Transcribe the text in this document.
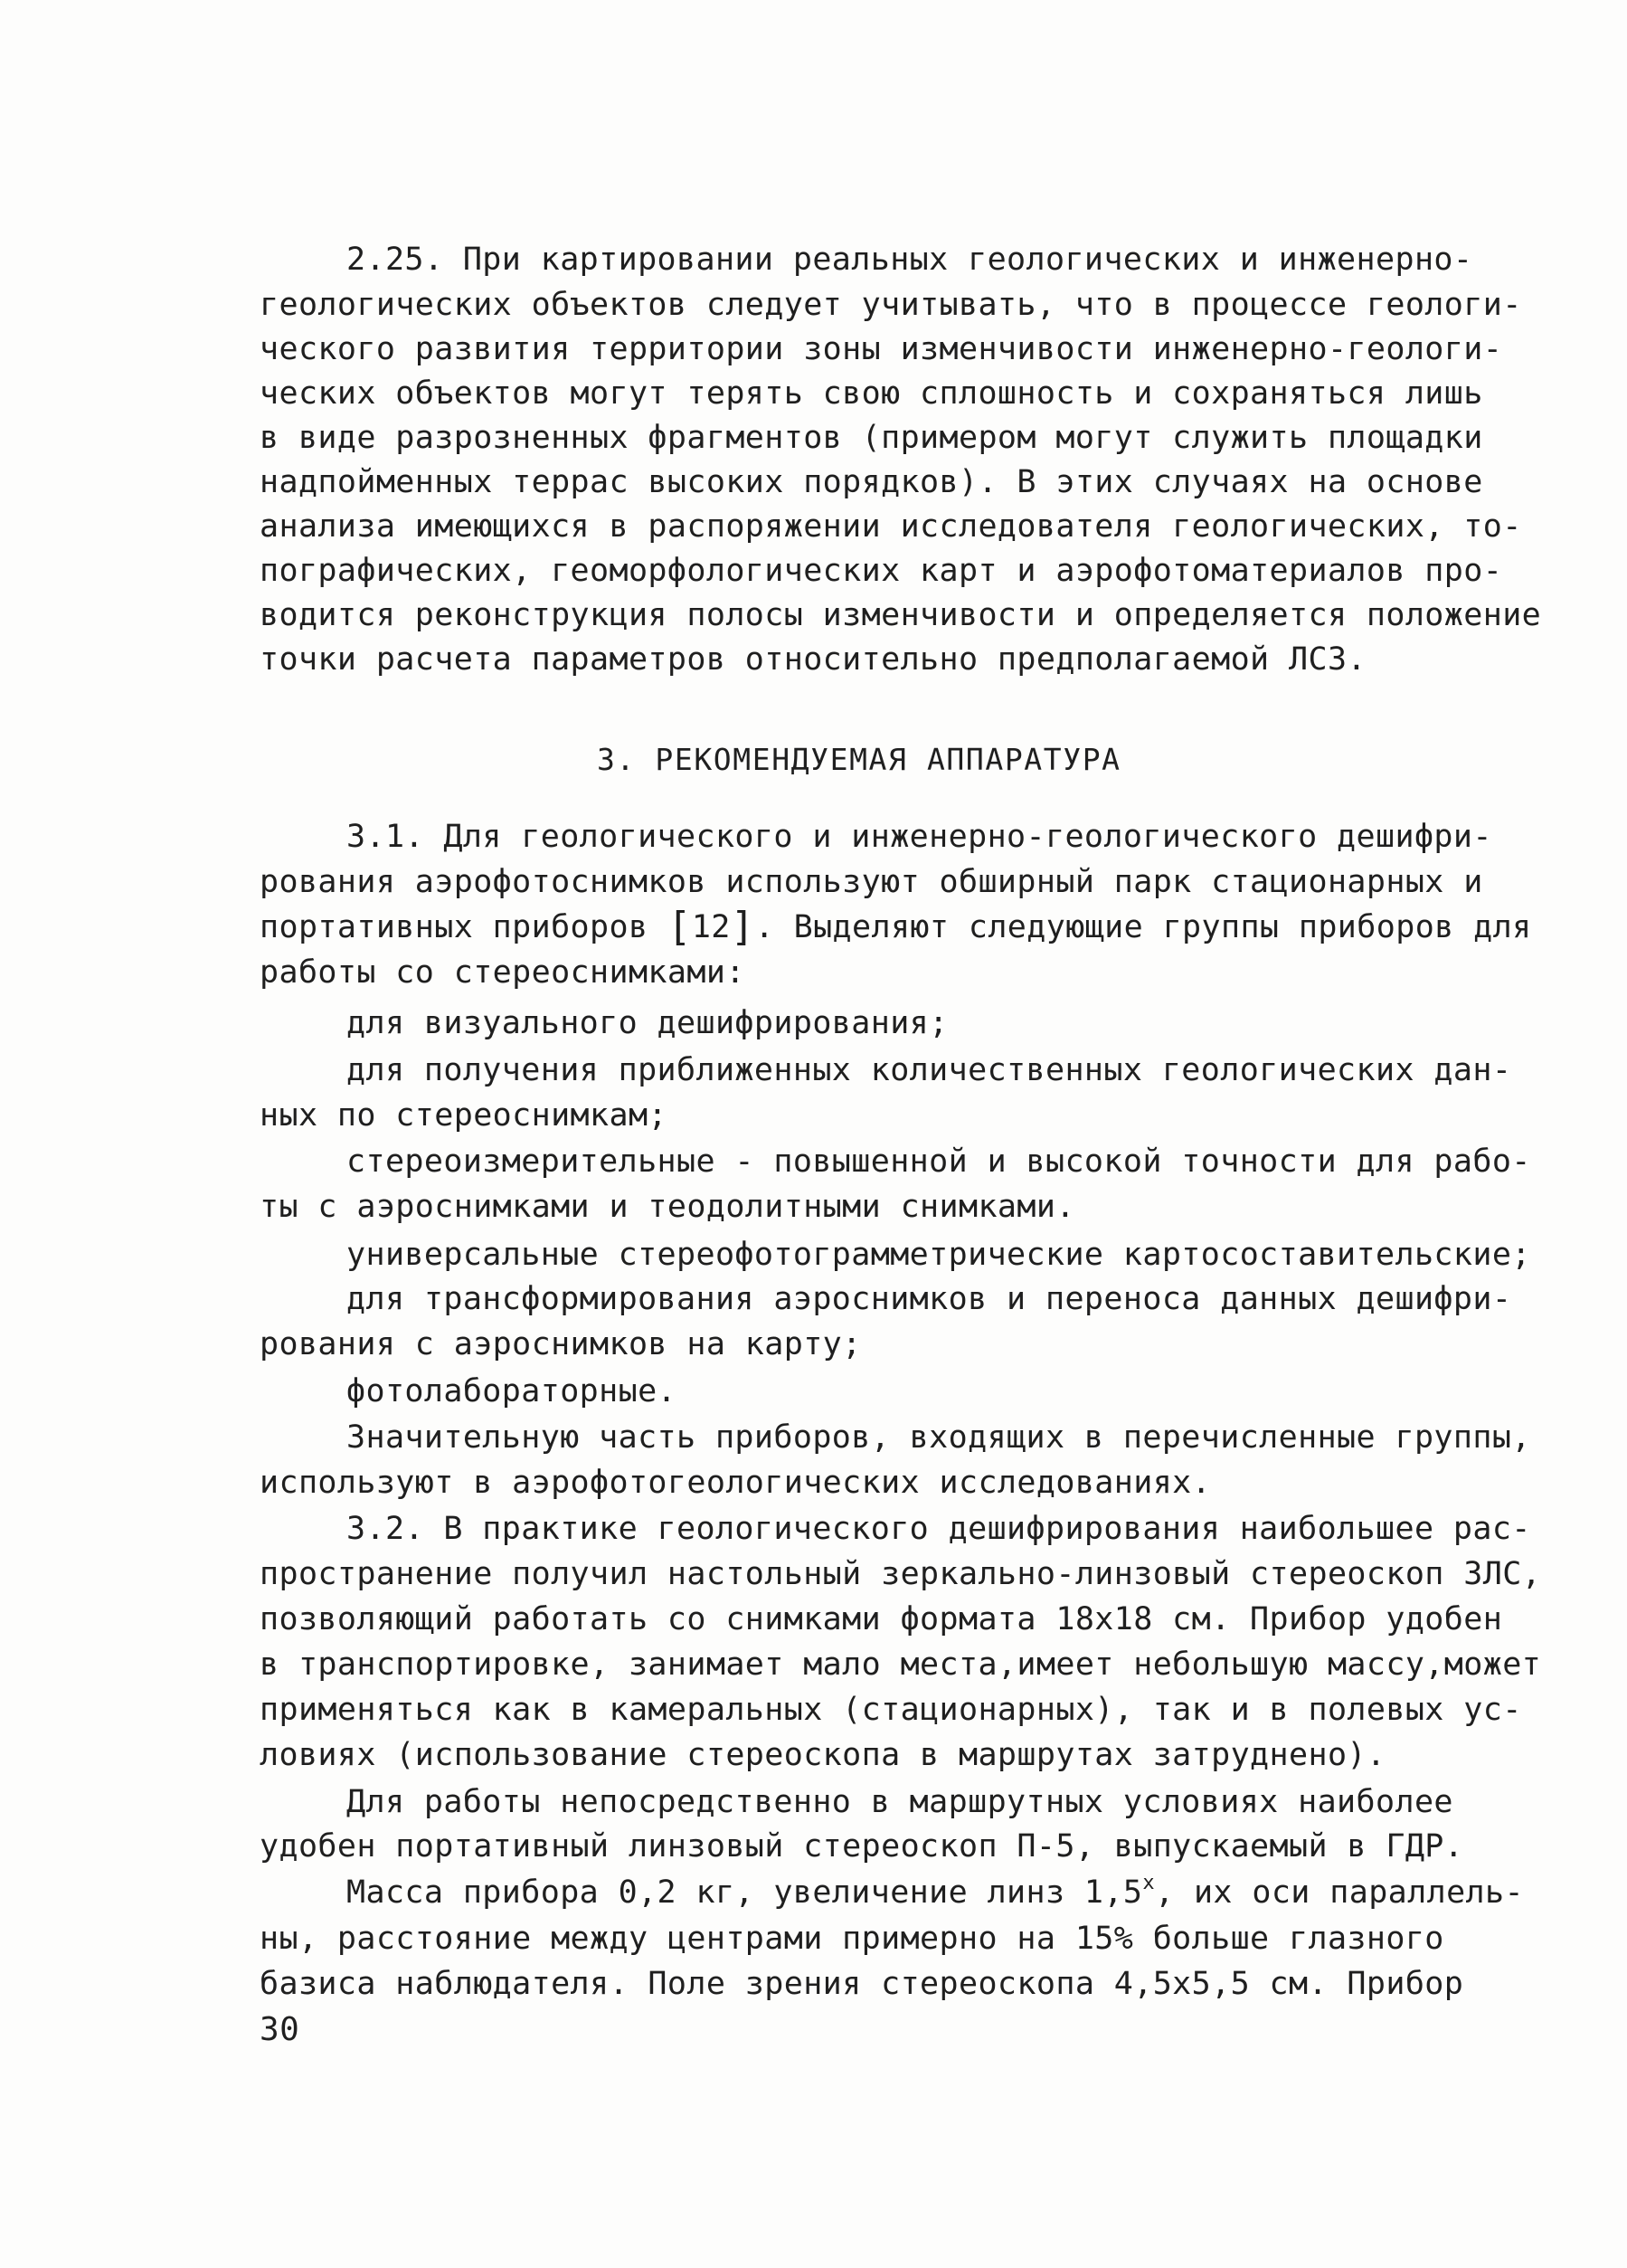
2.25. При картировании реальных геологических и инженерно-
геологических объектов следует учитывать, что в процессе геологи-
ческого развития территории зоны изменчивости инженерно-геологи-
ческих объектов могут терять свою сплошность и сохраняться лишь
в виде разрозненных фрагментов (примером могут служить площадки
надпойменных террас высоких порядков). В этих случаях на основе
анализа имеющихся в распоряжении исследователя геологических, то-
пографических, геоморфологических карт и аэрофотоматериалов про-
водится реконструкция полосы изменчивости и определяется положение
точки расчета параметров относительно предполагаемой ЛСЗ.
3. РЕКОМЕНДУЕМАЯ АППАРАТУРА
3.1. Для геологического и инженерно-геологического дешифри-
рования аэрофотоснимков используют обширный парк стационарных и
портативных приборов [12]. Выделяют следующие группы приборов для
работы со стереоснимками:
для визуального дешифрирования;
для получения приближенных количественных геологических дан-
ных по стереоснимкам;
стереоизмерительные - повышенной и высокой точности для рабо-
ты с аэроснимками и теодолитными снимками.
универсальные стереофотограмметрические картосоставительские;
для трансформирования аэроснимков и переноса данных дешифри-
рования с аэроснимков на карту;
фотолабораторные.
Значительную часть приборов, входящих в перечисленные группы,
используют в аэрофотогеологических исследованиях.
3.2. В практике геологического дешифрирования наибольшее рас-
пространение получил настольный зеркально-линзовый стереоскоп ЗЛС,
позволяющий работать со снимками формата 18х18 см. Прибор удобен
в транспортировке, занимает мало места,имеет небольшую массу,может
применяться как в камеральных (стационарных), так и в полевых ус-
ловиях (использование стереоскопа в маршрутах затруднено).
Для работы непосредственно в маршрутных условиях наиболее
удобен портативный линзовый стереоскоп П-5, выпускаемый в ГДР.
Масса прибора 0,2 кг, увеличение линз $1,5^х$, их оси параллель-
ны, расстояние между центрами примерно на 15% больше глазного
базиса наблюдателя. Поле зрения стереоскопа 4,5х5,5 см. Прибор
30
